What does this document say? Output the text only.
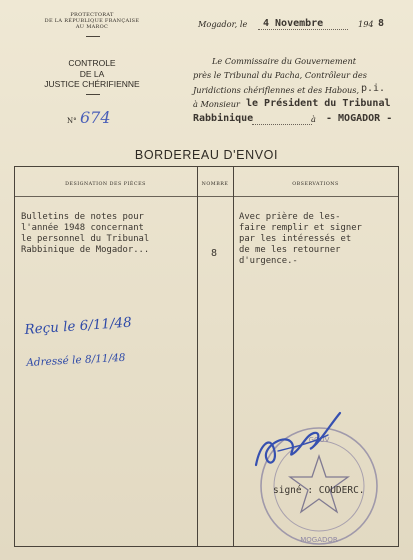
PROTECTORAT
DE LA RÉPUBLIQUE FRANÇAISE
AU MAROC
CONTROLE
DE LA
JUSTICE CHÉRIFIENNE
N° 674
Mogador, le 4 Novembre	194 8
Le Commissaire du Gouvernement
près le Tribunal du Pacha, Contrôleur des
Juridictions chériflennes et des Habous, p.i.
à Monsieur le Président du Tribunal
Rabbinique	à - MOGADOR -
BORDEREAU D'ENVOI
DESIGNATION DES PIÈCES	NOMBRE	OBSERVATIONS
Bulletins de notes pour
l'année 1948 concernant
le personnel du Tribunal
Rabbinique de Mogador...	8
Avec prière de les-
faire remplir et signer
par les intéressés et
de me les retourner
d'urgence.-
Reçu le 6/11/48
Adressé le 8/11/48
GOUV
MOGADOR
signé : COUDERC.
